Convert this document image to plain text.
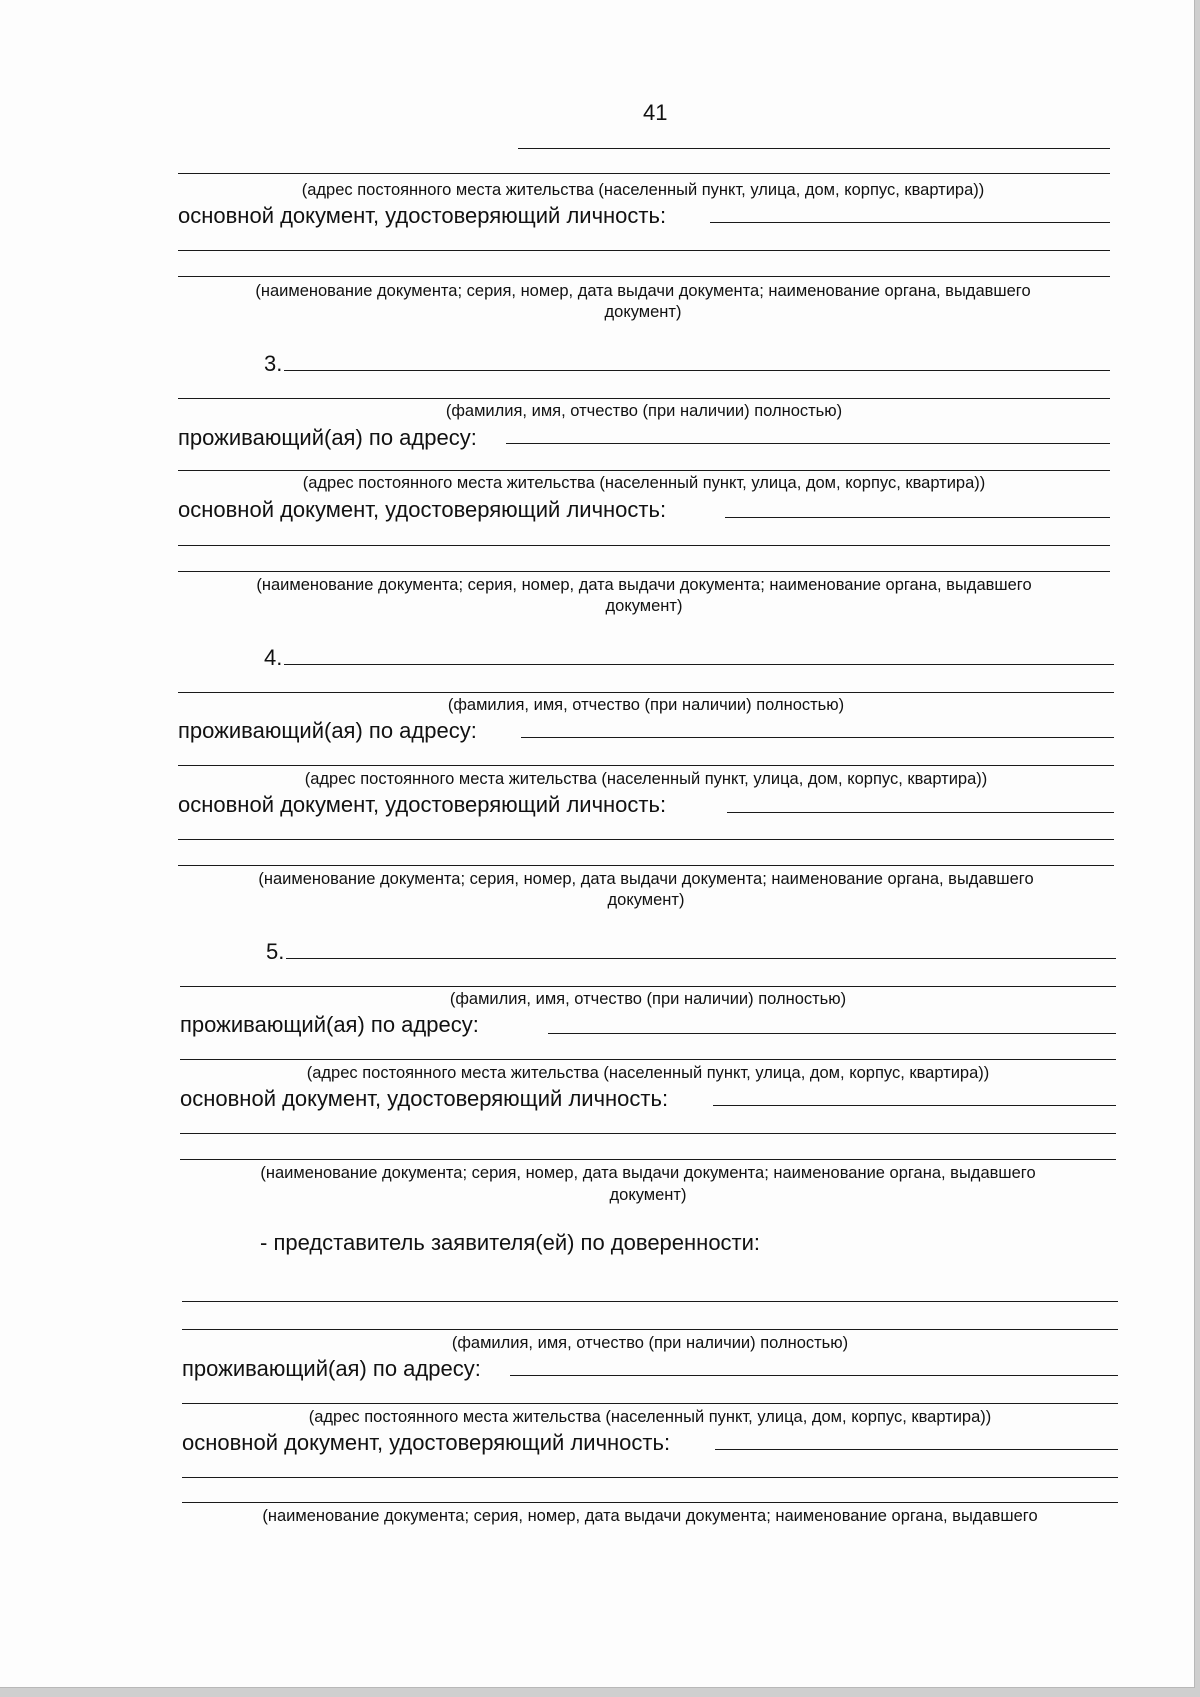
41
(адрес постоянного места жительства (населенный пункт, улица, дом, корпус, квартира))
основной документ, удостоверяющий личность:
(наименование документа; серия, номер, дата выдачи документа; наименование органа, выдавшего
документ)
3.
(фамилия, имя, отчество (при наличии) полностью)
проживающий(ая) по адресу:
(адрес постоянного места жительства (населенный пункт, улица, дом, корпус, квартира))
основной документ, удостоверяющий личность:
(наименование документа; серия, номер, дата выдачи документа; наименование органа, выдавшего
документ)
4.
(фамилия, имя, отчество (при наличии) полностью)
проживающий(ая) по адресу:
(адрес постоянного места жительства (населенный пункт, улица, дом, корпус, квартира))
основной документ, удостоверяющий личность:
(наименование документа; серия, номер, дата выдачи документа; наименование органа, выдавшего
документ)
5.
(фамилия, имя, отчество (при наличии) полностью)
проживающий(ая) по адресу:
(адрес постоянного места жительства (населенный пункт, улица, дом, корпус, квартира))
основной документ, удостоверяющий личность:
(наименование документа; серия, номер, дата выдачи документа; наименование органа, выдавшего
документ)
- представитель заявителя(ей) по доверенности:
(фамилия, имя, отчество (при наличии) полностью)
проживающий(ая) по адресу:
(адрес постоянного места жительства (населенный пункт, улица, дом, корпус, квартира))
основной документ, удостоверяющий личность:
(наименование документа; серия, номер, дата выдачи документа; наименование органа, выдавшего
